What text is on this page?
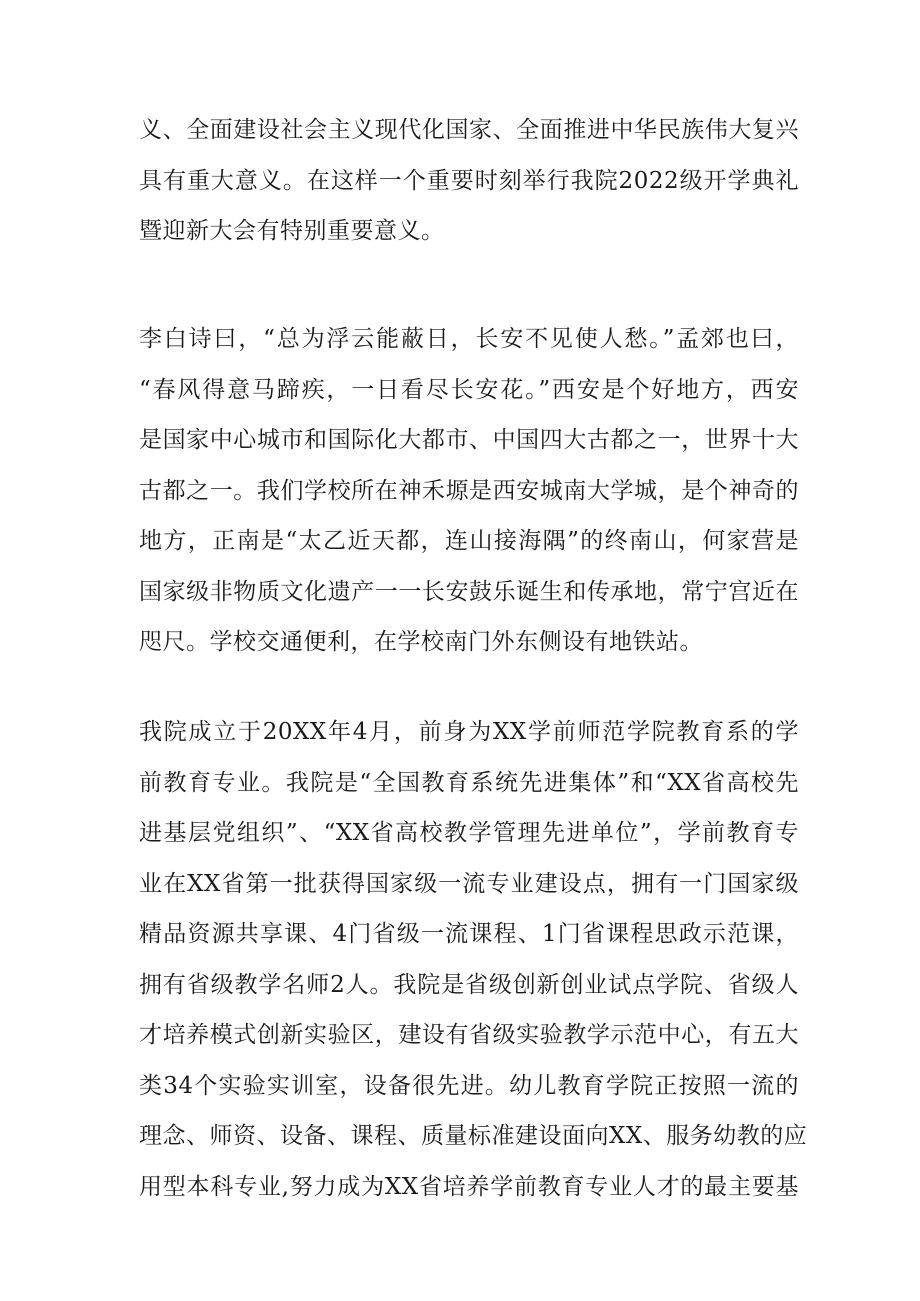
义、全面建设社会主义现代化国家、全面推进中华民族伟大复兴
具有重大意义。在这样一个重要时刻举行我院2022级开学典礼
暨迎新大会有特别重要意义。
李白诗曰，“总为浮云能蔽日，长安不见使人愁。”孟郊也曰，
“春风得意马蹄疾，一日看尽长安花。”西安是个好地方，西安
是国家中心城市和国际化大都市、中国四大古都之一，世界十大
古都之一。我们学校所在神禾塬是西安城南大学城，是个神奇的
地方，正南是“太乙近天都，连山接海隅”的终南山，何家营是
国家级非物质文化遗产一一长安鼓乐诞生和传承地，常宁宫近在
咫尺。学校交通便利，在学校南门外东侧设有地铁站。
我院成立于20XX年4月，前身为XX学前师范学院教育系的学
前教育专业。我院是“全国教育系统先进集体”和“XX省高校先
进基层党组织”、“XX省高校教学管理先进单位”，学前教育专
业在XX省第一批获得国家级一流专业建设点，拥有一门国家级
精品资源共享课、4门省级一流课程、1门省课程思政示范课，
拥有省级教学名师2人。我院是省级创新创业试点学院、省级人
才培养模式创新实验区，建设有省级实验教学示范中心，有五大
类34个实验实训室，设备很先进。幼儿教育学院正按照一流的
理念、师资、设备、课程、质量标准建设面向XX、服务幼教的应
用型本科专业,努力成为XX省培养学前教育专业人才的最主要基
